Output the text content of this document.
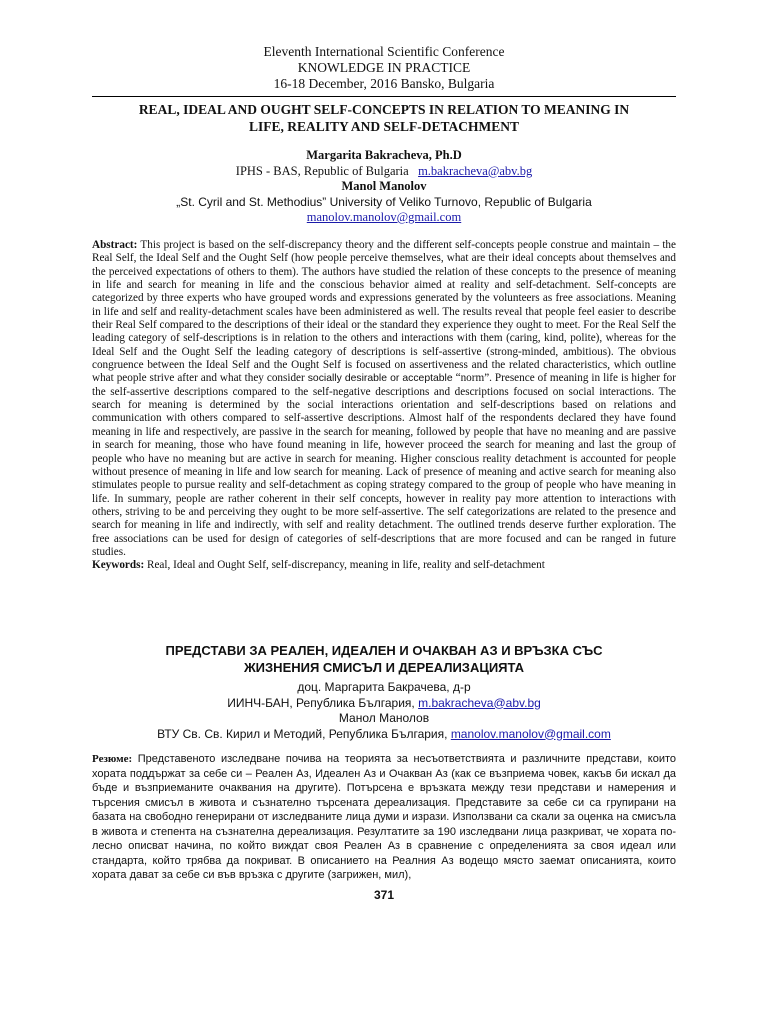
Eleventh International Scientific Conference
KNOWLEDGE IN PRACTICE
16-18 December, 2016 Bansko, Bulgaria
REAL, IDEAL AND OUGHT SELF-CONCEPTS IN RELATION TO MEANING IN
LIFE, REALITY AND SELF-DETACHMENT
Margarita Bakracheva, Ph.D
IPHS - BAS, Republic of Bulgaria m.bakracheva@abv.bg
Manol Manolov
„St. Cyril and St. Methodius” University of Veliko Turnovo, Republic of Bulgaria
manolov.manolov@gmail.com
Abstract: This project is based on the self-discrepancy theory and the different self-concepts people construe and maintain – the Real Self, the Ideal Self and the Ought Self (how people perceive themselves, what are their ideal concepts about themselves and the perceived expectations of others to them). The authors have studied the relation of these concepts to the presence of meaning in life and search for meaning in life and the conscious behavior aimed at reality and self-detachment. Self-concepts are categorized by three experts who have grouped words and expressions generated by the volunteers as free associations. Meaning in life and self and reality-detachment scales have been administered as well. The results reveal that people feel easier to describe their Real Self compared to the descriptions of their ideal or the standard they experience they ought to meet. For the Real Self the leading category of self-descriptions is in relation to the others and interactions with them (caring, kind, polite), whereas for the Ideal Self and the Ought Self the leading category of descriptions is self-assertive (strong-minded, ambitious). The obvious congruence between the Ideal Self and the Ought Self is focused on assertiveness and the related characteristics, which outline what people strive after and what they consider socially desirable or acceptable “norm”. Presence of meaning in life is higher for the self-assertive descriptions compared to the self-negative descriptions and descriptions focused on social interactions. The search for meaning is determined by the social interactions orientation and self-descriptions based on relations and communication with others compared to self-assertive descriptions. Almost half of the respondents declared they have found meaning in life and respectively, are passive in the search for meaning, followed by people that have no meaning and are passive in search for meaning, those who have found meaning in life, however proceed the search for meaning and last the group of people who have no meaning but are active in search for meaning. Higher conscious reality detachment is accounted for people without presence of meaning in life and low search for meaning. Lack of presence of meaning and active search for meaning also stimulates people to pursue reality and self-detachment as coping strategy compared to the group of people who have meaning in life. In summary, people are rather coherent in their self concepts, however in reality pay more attention to interactions with others, striving to be and perceiving they ought to be more self-assertive. The self categorizations are related to the presence and search for meaning in life and indirectly, with self and reality detachment. The outlined trends deserve further exploration. The free associations can be used for design of categories of self-descriptions that are more focused and can be ranged in future studies.
Keywords: Real, Ideal and Ought Self, self-discrepancy, meaning in life, reality and self-detachment
ПРЕДСТАВИ ЗА РЕАЛЕН, ИДЕАЛЕН И ОЧАКВАН АЗ И ВРЪЗКА СЪС
ЖИЗНЕНИЯ СМИСЪЛ И ДЕРЕАЛИЗАЦИЯТА
доц. Маргарита Бакрачева, д-р
ИИНЧ-БАН, Република България, m.bakracheva@abv.bg
Манол Манолов
ВТУ Св. Св. Кирил и Методий, Република България, manolov.manolov@gmail.com
Резюме: Представеното изследване почива на теорията за несъответствията и различните представи, които хората поддържат за себе си – Реален Аз, Идеален Аз и Очакван Аз (как се възприема човек, какъв би искал да бъде и възприеманите очаквания на другите). Потърсена е връзката между тези представи и намерения и търсения смисъл в живота и съзнателно търсената дереализация. Представите за себе си са групирани на базата на свободно генерирани от изследваните лица думи и изрази. Използвани са скали за оценка на смисъла в живота и степента на съзнателна дереализация. Резултатите за 190 изследвани лица разкриват, че хората по-лесно описват начина, по който виждат своя Реален Аз в сравнение с определенията за своя идеал или стандарта, който трябва да покриват. В описанието на Реалния Аз водещо място заемат описанията, които хората дават за себе си във връзка с другите (загрижен, мил),
371
